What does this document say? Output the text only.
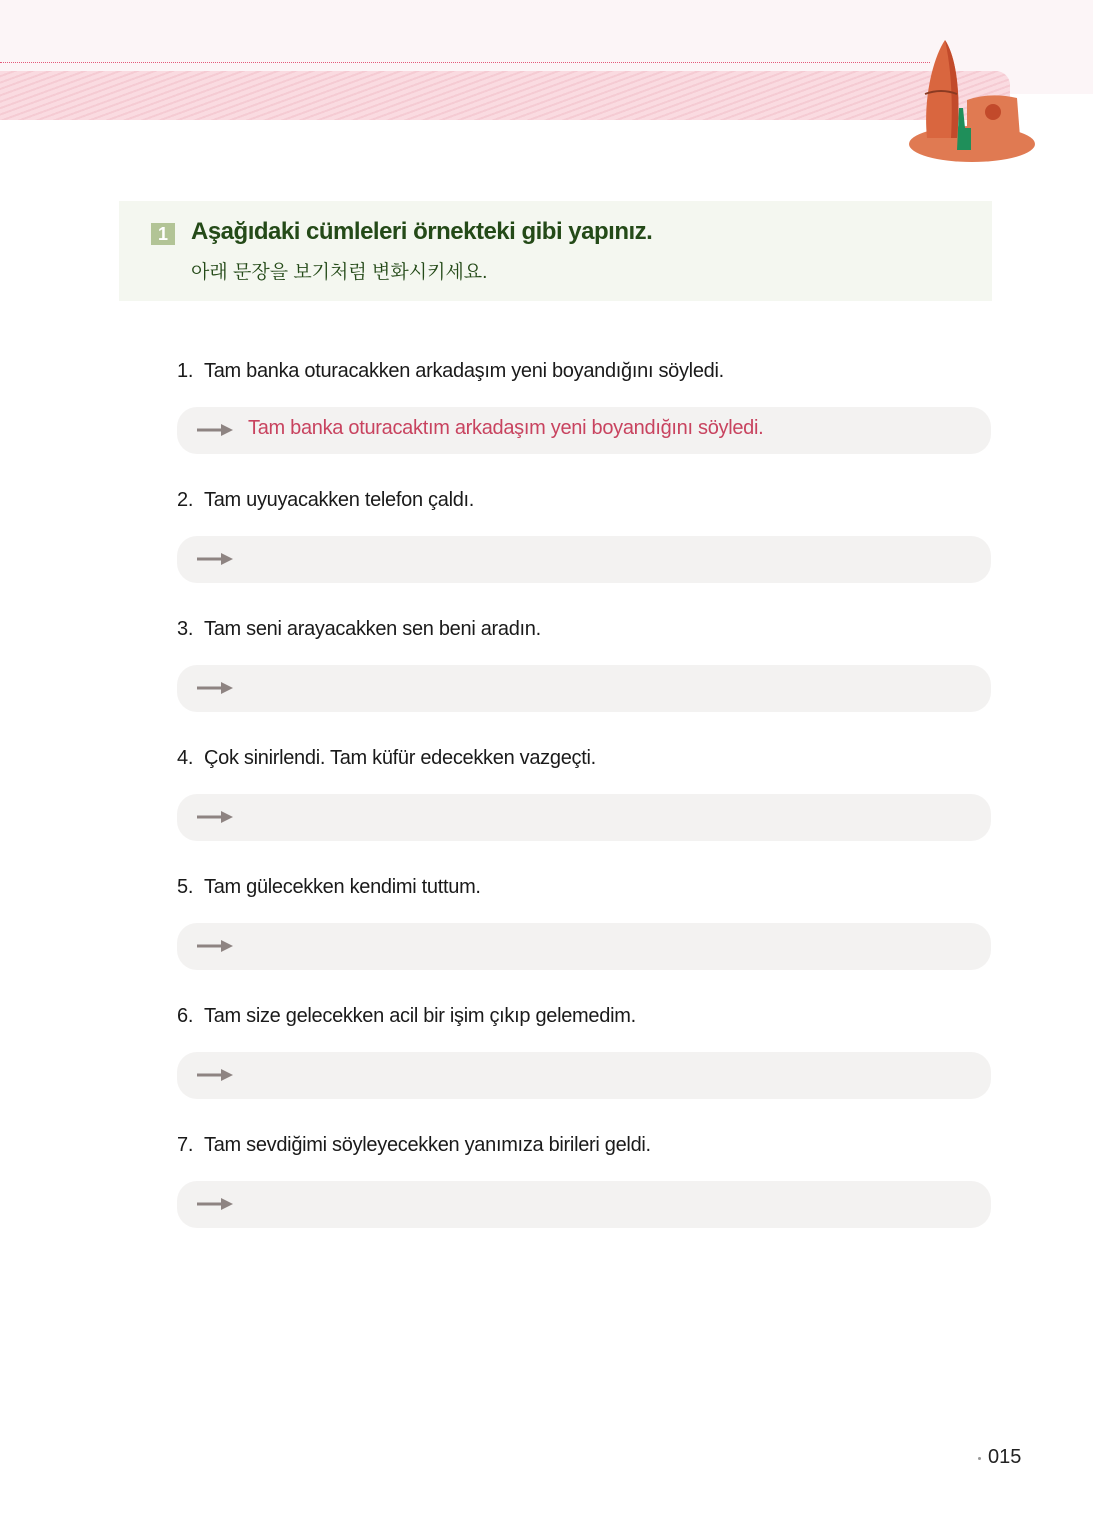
1 Aşağıdaki cümleleri örnekteki gibi yapınız.
아래 문장을 보기처럼 변화시키세요.
1. Tam banka oturacakken arkadaşım yeni boyandığını söyledi.
Tam banka oturacaktım arkadaşım yeni boyandığını söyledi.
2. Tam uyuyacakken telefon çaldı.
3. Tam seni arayacakken sen beni aradın.
4. Çok sinirlendi. Tam küfür edecekken vazgeçti.
5. Tam gülecekken kendimi tuttum.
6. Tam size gelecekken acil bir işim çıkıp gelemedim.
7. Tam sevdiğimi söyleyecekken yanımıza birileri geldi.
015
